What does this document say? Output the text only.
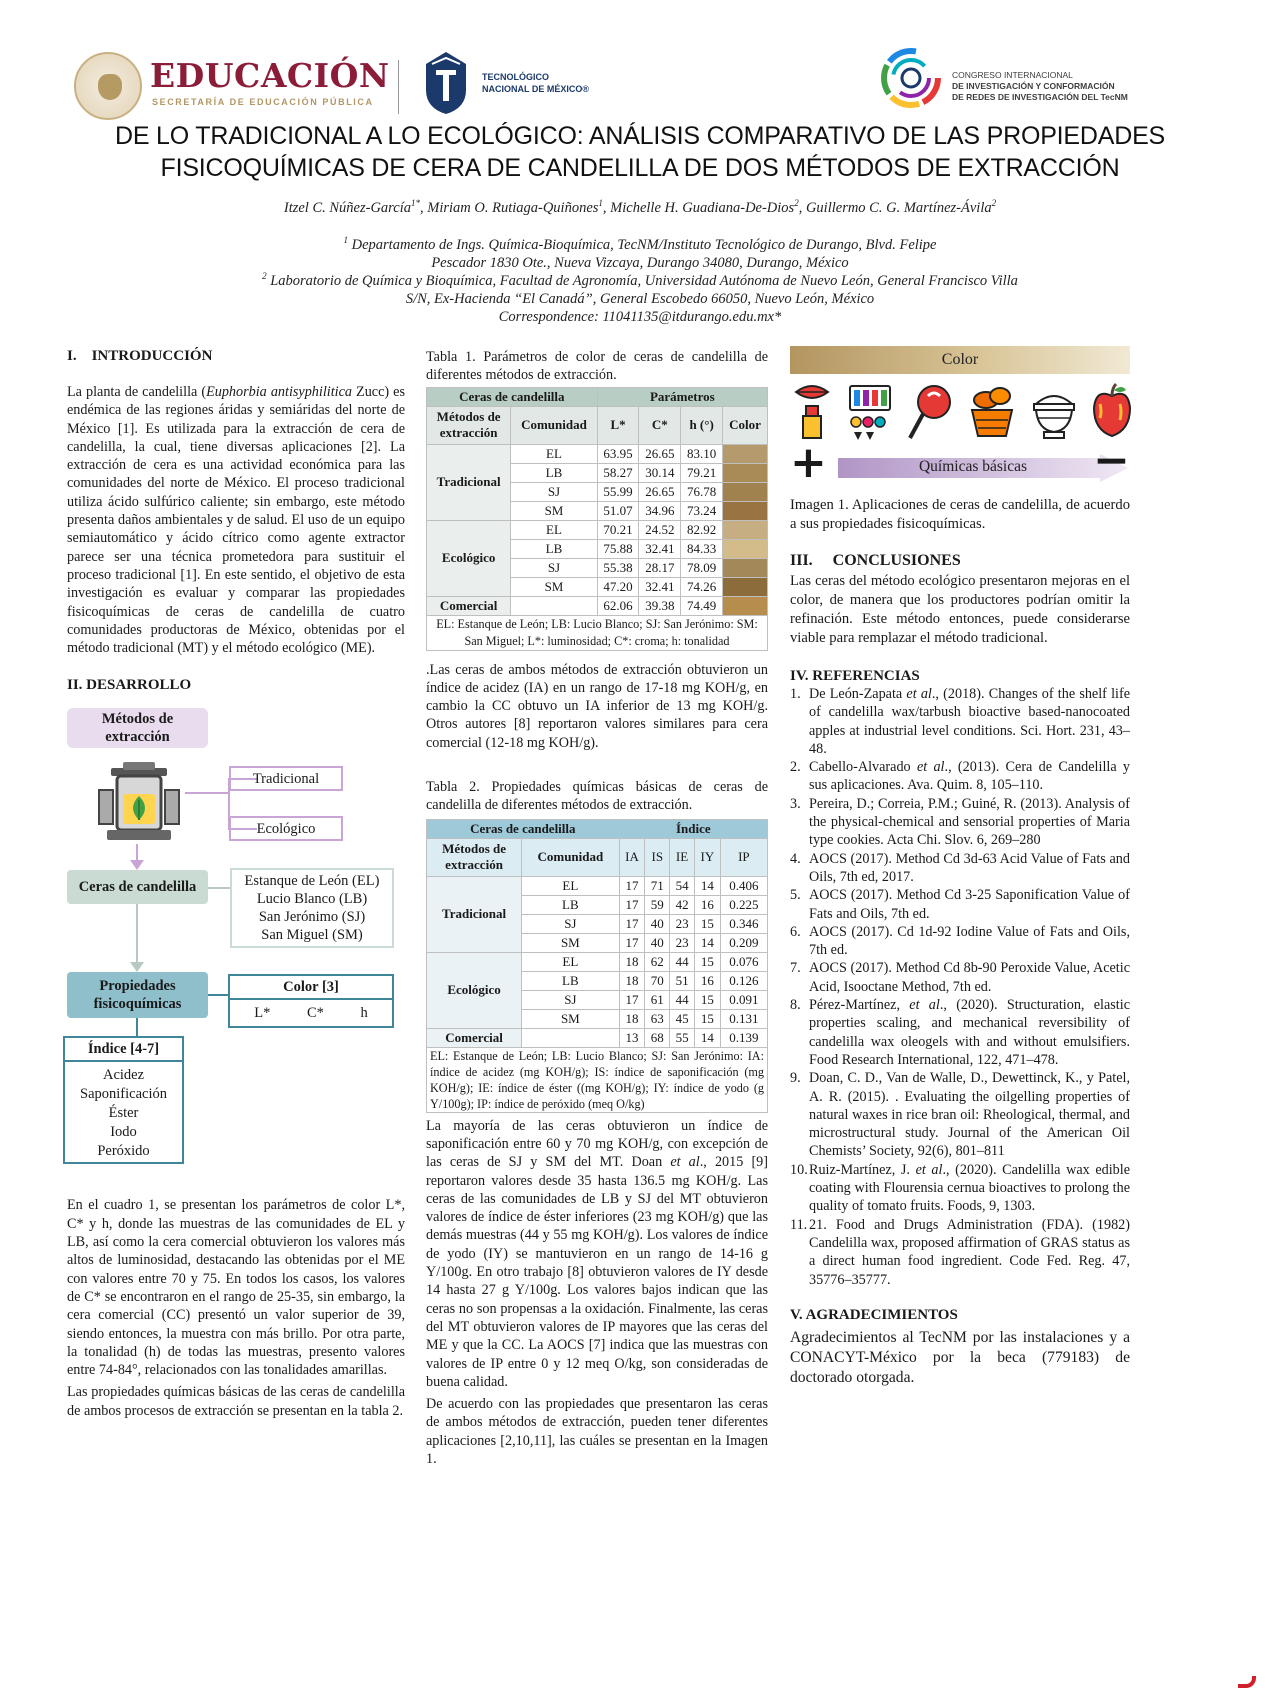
EDUCACIÓN
SECRETARÍA DE EDUCACIÓN PÚBLICA
TECNOLÓGICO
NACIONAL DE MÉXICO®
CONGRESO INTERNACIONAL
DE INVESTIGACIÓN Y CONFORMACIÓN
DE REDES DE INVESTIGACIÓN DEL TecNM
DE LO TRADICIONAL A LO ECOLÓGICO: ANÁLISIS COMPARATIVO DE LAS PROPIEDADES
FISICOQUÍMICAS DE CERA DE CANDELILLA DE DOS MÉTODOS DE EXTRACCIÓN
Itzel C. Núñez-García$^{1*}$, Miriam O. Rutiaga-Quiñones$^1$, Michelle H. Guadiana-De-Dios$^2$, Guillermo C. G. Martínez-Ávila$^2$
$^1$ Departamento de Ings. Química-Bioquímica, TecNM/Instituto Tecnológico de Durango, Blvd. Felipe
Pescador 1830 Ote., Nueva Vizcaya, Durango 34080, Durango, México
$^2$ Laboratorio de Química y Bioquímica, Facultad de Agronomía, Universidad Autónoma de Nuevo León, General Francisco Villa
S/N, Ex-Hacienda “El Canadá”, General Escobedo 66050, Nuevo León, México
Correspondence: 11041135@itdurango.edu.mx*
I.    INTRODUCCIÓN

La planta de candelilla (Euphorbia antisyphilitica Zucc) es endémica de las regiones áridas y semiáridas del norte de México [1]. Es utilizada para la extracción de cera de candelilla, la cual, tiene diversas aplicaciones [2]. La extracción de cera es una actividad económica para las comunidades del norte de México. El proceso tradicional utiliza ácido sulfúrico caliente; sin embargo, este método presenta daños ambientales y de salud. El uso de un equipo semiautomático y ácido cítrico como agente extractor parece ser una técnica prometedora para sustituir el proceso tradicional [1]. En este sentido, el objetivo de esta investigación es evaluar y comparar las propiedades fisicoquímicas de ceras de candelilla de cuatro comunidades productoras de México, obtenidas por el método tradicional (MT) y el método ecológico (ME).

II. DESARROLLO
Métodos de
extracción
Tradicional
Ecológico
Ceras de candelilla	Estanque de León (EL)
Lucio Blanco (LB)
San Jerónimo (SJ)
San Miguel (SM)
Propiedades
fisicoquímicas
Color [3]
L*	C*	h
Índice [4-7]
Acidez
Saponificación
Éster
Iodo
Peróxido

En el cuadro 1, se presentan los parámetros de color L*, C* y h, donde las muestras de las comunidades de EL y LB, así como la cera comercial obtuvieron los valores más altos de luminosidad, destacando las obtenidas por el ME con valores entre 70 y 75. En todos los casos, los valores de C* se encontraron en el rango de 25-35, sin embargo, la cera comercial (CC) presentó un valor superior de 39, siendo entonces, la muestra con más brillo. Por otra parte, la tonalidad (h) de todas las muestras, presento valores entre 74-84°, relacionados con las tonalidades amarillas.

Las propiedades químicas básicas de las ceras de candelilla de ambos procesos de extracción se presentan en la tabla 2.

Tabla 1. Parámetros de color de ceras de candelilla de diferentes métodos de extracción.
Ceras de candelilla		Parámetros			

Métodos de
extracción	Comunidad	L*	C*	h (°)	Color
Tradicional	EL	63.95	26.65	83.10	
	LB	58.27	30.14	79.21	
	SJ	55.99	26.65	76.78	
	SM	51.07	34.96	73.24	
Ecológico	EL	70.21	24.52	82.92	
	LB	75.88	32.41	84.33	
	SJ	55.38	28.17	78.09	
	SM	47.20	32.41	74.26	
Comercial		62.06	39.38	74.49	
EL: Estanque de León; LB: Lucio Blanco; SJ: San Jerónimo: SM: San Miguel; L*: luminosidad; C*: croma; h: tonalidad

.Las ceras de ambos métodos de extracción obtuvieron un índice de acidez (IA) en un rango de 17-18 mg KOH/g, en cambio la CC obtuvo un IA inferior de 13 mg KOH/g. Otros autores [8] reportaron valores similares para cera comercial (12-18 mg KOH/g).

Tabla 2. Propiedades químicas básicas de ceras de candelilla de diferentes métodos de extracción.
Ceras de candelilla		Índice				

Métodos de
extracción	Comunidad	IA	IS	IE	IY	IP
Tradicional	EL	17	71	54	14	0.406
	LB	17	59	42	16	0.225
	SJ	17	40	23	15	0.346
	SM	17	40	23	14	0.209
Ecológico	EL	18	62	44	15	0.076
	LB	18	70	51	16	0.126
	SJ	17	61	44	15	0.091
	SM	18	63	45	15	0.131
Comercial		13	68	55	14	0.139
EL: Estanque de León; LB: Lucio Blanco; SJ: San Jerónimo: IA: índice de acidez (mg KOH/g); IS: índice de saponificación (mg KOH/g); IE: índice de éster ((mg KOH/g); IY: índice de yodo (g Y/100g); IP: índice de peróxido (meq O/kg)

La mayoría de las ceras obtuvieron un índice de saponificación entre 60 y 70 mg KOH/g, con excepción de las ceras de SJ y SM del MT. Doan et al., 2015 [9] reportaron valores desde 35 hasta 136.5 mg KOH/g. Las ceras de las comunidades de LB y SJ del MT obtuvieron valores de índice de éster inferiores (23 mg KOH/g) que las demás muestras (44 y 55 mg KOH/g). Los valores de índice de yodo (IY) se mantuvieron en un rango de 14-16 g Y/100g. En otro trabajo [8] obtuvieron valores de IY desde 14 hasta 27 g Y/100g. Los valores bajos indican que las ceras no son propensas a la oxidación. Finalmente, las ceras del MT obtuvieron valores de IP mayores que las ceras del ME y que la CC. La AOCS [7] indica que las muestras con valores de IP entre 0 y 12 meq O/kg, son consideradas de buena calidad.

De acuerdo con las propiedades que presentaron las ceras de ambos métodos de extracción, pueden tener diferentes aplicaciones [2,10,11], las cuáles se presentan en la Imagen 1.

Color
+	Químicas básicas	−

Imagen 1. Aplicaciones de ceras de candelilla, de acuerdo a sus propiedades fisicoquímicas.

III.     CONCLUSIONES

Las ceras del método ecológico presentaron mejoras en el color, de manera que los productores podrían omitir la refinación. Este método entonces, puede considerarse viable para remplazar el método tradicional.

IV. REFERENCIAS
1. De León-Zapata et al., (2018). Changes of the shelf life of candelilla wax/tarbush bioactive based-nanocoated apples at industrial level conditions. Sci. Hort. 231, 43–48.
2. Cabello-Alvarado et al., (2013). Cera de Candelilla y sus aplicaciones. Ava. Quim. 8, 105–110.
3. Pereira, D.; Correia, P.M.; Guiné, R. (2013). Analysis of the physical-chemical and sensorial properties of Maria type cookies. Acta Chi. Slov. 6, 269–280
4. AOCS (2017). Method Cd 3d-63 Acid Value of Fats and Oils, 7th ed, 2017.
5. AOCS (2017). Method Cd 3-25 Saponification Value of Fats and Oils, 7th ed.
6. AOCS (2017). Cd 1d-92 Iodine Value of Fats and Oils, 7th ed.
7. AOCS (2017). Method Cd 8b-90 Peroxide Value, Acetic Acid, Isooctane Method, 7th ed.
8. Pérez-Martínez, et al., (2020). Structuration, elastic properties scaling, and mechanical reversibility of candelilla wax oleogels with and without emulsifiers. Food Research International, 122, 471–478.
9. Doan, C. D., Van de Walle, D., Dewettinck, K., y Patel, A. R. (2015). . Evaluating the oilgelling properties of natural waxes in rice bran oil: Rheological, thermal, and microstructural study. Journal of the American Oil Chemists’ Society, 92(6), 801–811
10. Ruiz-Martínez, J. et al., (2020). Candelilla wax edible coating with Flourensia cernua bioactives to prolong the quality of tomato fruits. Foods, 9, 1303.
11. 21. Food and Drugs Administration (FDA). (1982) Candelilla wax, proposed affirmation of GRAS status as a direct human food ingredient. Code Fed. Reg. 47, 35776–35777.
V. AGRADECIMIENTOS

Agradecimientos al TecNM por las instalaciones y a CONACYT-México por la beca (779183) de doctorado otorgada.
